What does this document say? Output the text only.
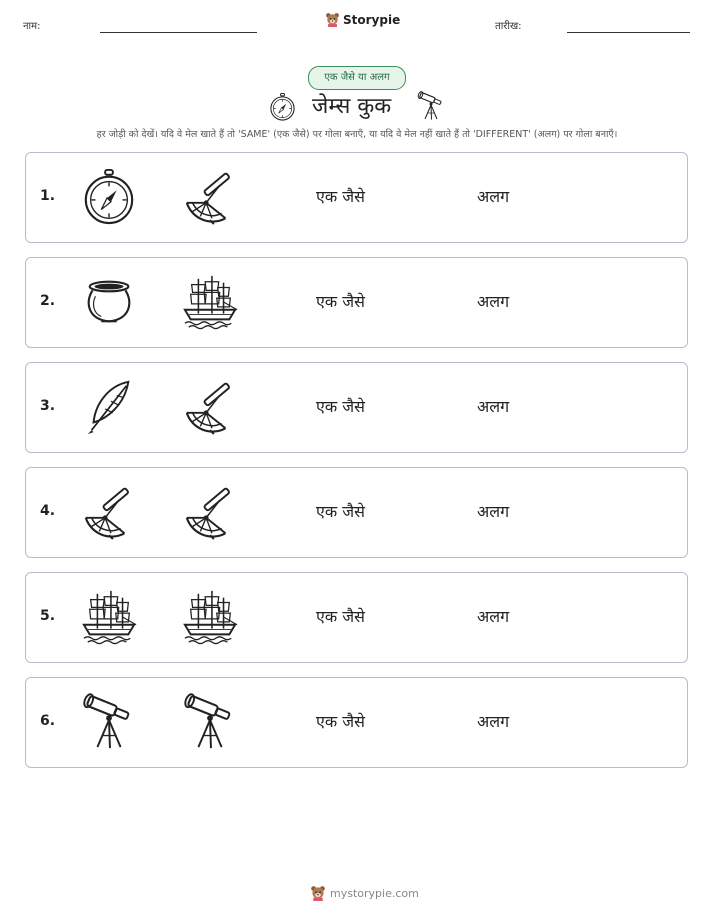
नाम:	Storypie	तारीख:
एक जैसे या अलग
जेम्स कुक
हर जोड़ी को देखें। यदि वे मेल खाते हैं तो 'SAME' (एक जैसे) पर गोला बनाएँ, या यदि वे मेल नहीं खाते हैं तो 'DIFFERENT' (अलग) पर गोला बनाएँ।
1.	एक जैसे	अलग
2.	एक जैसे	अलग
3.	एक जैसे	अलग
4.	एक जैसे	अलग
5.	एक जैसे	अलग
6.	एक जैसे	अलग
mystorypie.com
